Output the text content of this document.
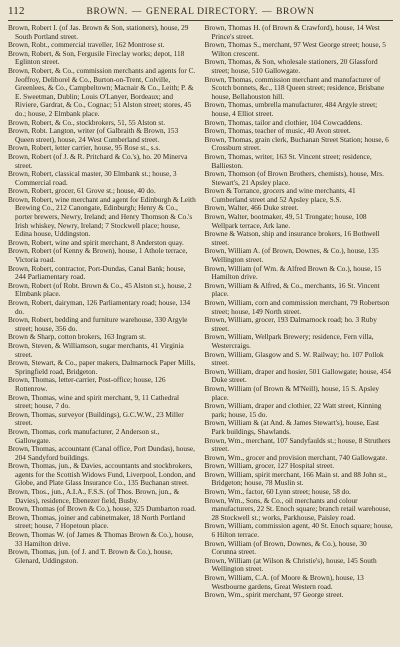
112	BROWN. — GENERAL DIRECTORY. — BROWN

Brown, Robert I. (of Jas. Brown & Son, stationers), house, 29 South Portland street.

Brown, Robt., commercial traveller, 162 Montrose st.

Brown, Robert, & Son, Fergusile Fireclay works; depot, 118 Eglinton street.

Brown, Robert, & Co., commission merchants and agents for C. Jeoffroy, Deliborel & Co., Burton-on-Trent, Colville, Greenlees, & Co., Campbeltown; Macnair & Co., Leith; P. & E. Sweetman, Dublin; Louis O'Lanyer, Bordeaux; and Riviere, Gardrat, & Co., Cognac; 51 Alston street; stores, 45 do.; house, 2 Elmbank place.

Brown, Robert, & Co., stockbrokers, 51, 55 Alston st.

Brown, Robt. Langton, writer (of Galbraith & Brown, 153 Queen street), house, 24 West Cumberland street.

Brown, Robert, letter carrier, house, 95 Rose st., s.s.

Brown, Robert (of J. & R. Pritchard & Co.'s), ho. 20 Minerva street.

Brown, Robert, classical master, 30 Elmbank st.; house, 3 Commercial road.

Brown, Robert, grocer, 61 Grove st.; house, 40 do.

Brown, Robert, wine merchant and agent for Edinburgh & Leith Brewing Co., 212 Canongate, Edinburgh; Henry & Co., porter brewers, Newry, Ireland; and Henry Thomson & Co.'s Irish whiskey, Newry, Ireland; 7 Stockwell place; house, Edina house, Uddingston.

Brown, Robert, wine and spirit merchant, 8 Anderston quay.

Brown, Robert (of Kenny & Brown), house, 1 Athole terrace, Victoria road.

Brown, Robert, contractor, Port-Dundas, Canal Bank; house, 244 Parliamentary road.

Brown, Robert (of Robt. Brown & Co., 45 Alston st.), house, 2 Elmbank place.

Brown, Robert, dairyman, 126 Parliamentary road; house, 134 do.

Brown, Robert, bedding and furniture warehouse, 330 Argyle street; house, 356 do.

Brown & Sharp, cotton brokers, 163 Ingram st.

Brown, Steven, & Williamson, sugar merchants, 41 Virginia street.

Brown, Stewart, & Co., paper makers, Dalmarnock Paper Mills, Springfield road, Bridgeton.

Brown, Thomas, letter-carrier, Post-office; house, 126 Rottenrow.

Brown, Thomas, wine and spirit merchant, 9, 11 Cathedral street; house, 7 do.

Brown, Thomas, surveyor (Buildings), G.C.W.W., 23 Miller street.

Brown, Thomas, cork manufacturer, 2 Anderson st., Gallowgate.

Brown, Thomas, accountant (Canal office, Port Dundas), house, 204 Sandyford buildings.

Brown, Thomas, jun., & Davies, accountants and stockbrokers, agents for the Scottish Widows Fund, Liverpool, London, and Globe, and Plate Glass Insurance Co., 135 Buchanan street.

Brown, Thos., jun., A.I.A., F.S.S. (of Thos. Brown, jun., & Davies), residence, Ebenezer field, Busby.

Brown, Thomas (of Brown & Co.), house, 325 Dumbarton road.

Brown, Thomas, joiner and cabinetmaker, 18 North Portland street; house, 7 Hopetoun place.

Brown, Thomas W. (of James & Thomas Brown & Co.), house, 33 Hamilton drive.

Brown, Thomas, jun. (of J. and T. Brown & Co.), house, Glenard, Uddingston.

Brown, Thomas H. (of Brown & Crawford), house, 14 West Prince's street.

Brown, Thomas S., merchant, 97 West George street; house, 5 Wilton crescent.

Brown, Thomas, & Son, wholesale stationers, 20 Glassford street; house, 510 Gallowgate.

Brown, Thomas, commission merchant and manufacturer of Scotch bonnets, &c., 118 Queen street; residence, Brisbane house, Bellahouston hill.

Brown, Thomas, umbrella manufacturer, 484 Argyle street; house, 4 Elliot street.

Brown, Thomas, tailor and clothier, 104 Cowcaddens.

Brown, Thomas, teacher of music, 40 Avon street.

Brown, Thomas, grain clerk, Buchanan Street Station; house, 6 Crossburn street.

Brown, Thomas, writer, 163 St. Vincent street; residence, Ballieston.

Brown, Thomson (of Brown Brothers, chemists), house, Mrs. Stewart's, 21 Apsley place.

Brown & Torrance, grocers and wine merchants, 41 Cumberland street and 52 Apsley place, S.S.

Brown, Walter, 466 Duke street.

Brown, Walter, bootmaker, 49, 51 Trongate; house, 108 Wellpark terrace, Ark lane.

Browne & Watson, ship and insurance brokers, 16 Bothwell street.

Brown, William A. (of Brown, Downes, & Co.), house, 135 Wellington street.

Brown, William (of Wm. & Alfred Brown & Co.), house, 15 Hamilton drive.

Brown, William & Alfred, & Co., merchants, 16 St. Vincent place.

Brown, William, corn and commission merchant, 79 Robertson street; house, 149 North street.

Brown, William, grocer, 193 Dalmarnock road; ho. 3 Ruby street.

Brown, William, Wellpark Brewery; residence, Fern villa, Westercraigs.

Brown, William, Glasgow and S. W. Railway; ho. 107 Pollok street.

Brown, William, draper and hosier, 501 Gallowgate; house, 454 Duke street.

Brown, William (of Brown & M'Neill), house, 15 S. Apsley place.

Brown, William, draper and clothier, 22 Watt street, Kinning park; house, 15 do.

Brown, William & (at And. & James Stewart's), house, East Park buildings, Shawlands.

Brown, Wm., merchant, 107 Sandyfaulds st.; house, 8 Struthers street.

Brown, Wm., grocer and provision merchant, 740 Gallowgate.

Brown, William, grocer, 127 Hospital street.

Brown, William, spirit merchant, 166 Main st. and 88 John st., Bridgeton; house, 78 Muslin st.

Brown, Wm., factor, 60 Lynn street; house, 58 do.

Brown, Wm., Sons, & Co., oil merchants and colour manufacturers, 22 St. Enoch square; branch retail warehouse, 28 Stockwell st.; works, Parkhouse, Paisley road.

Brown, William, commission agent, 40 St. Enoch square; house, 6 Hilton terrace.

Brown, William (of Brown, Downes, & Co.), house, 30 Corunna street.

Brown, William (at Wilson & Christie's), house, 145 South Wellington street.

Brown, William, C.A. (of Moore & Brown), house, 13 Westbourne gardens, Great Western road.

Brown, Wm., spirit merchant, 97 George street.
